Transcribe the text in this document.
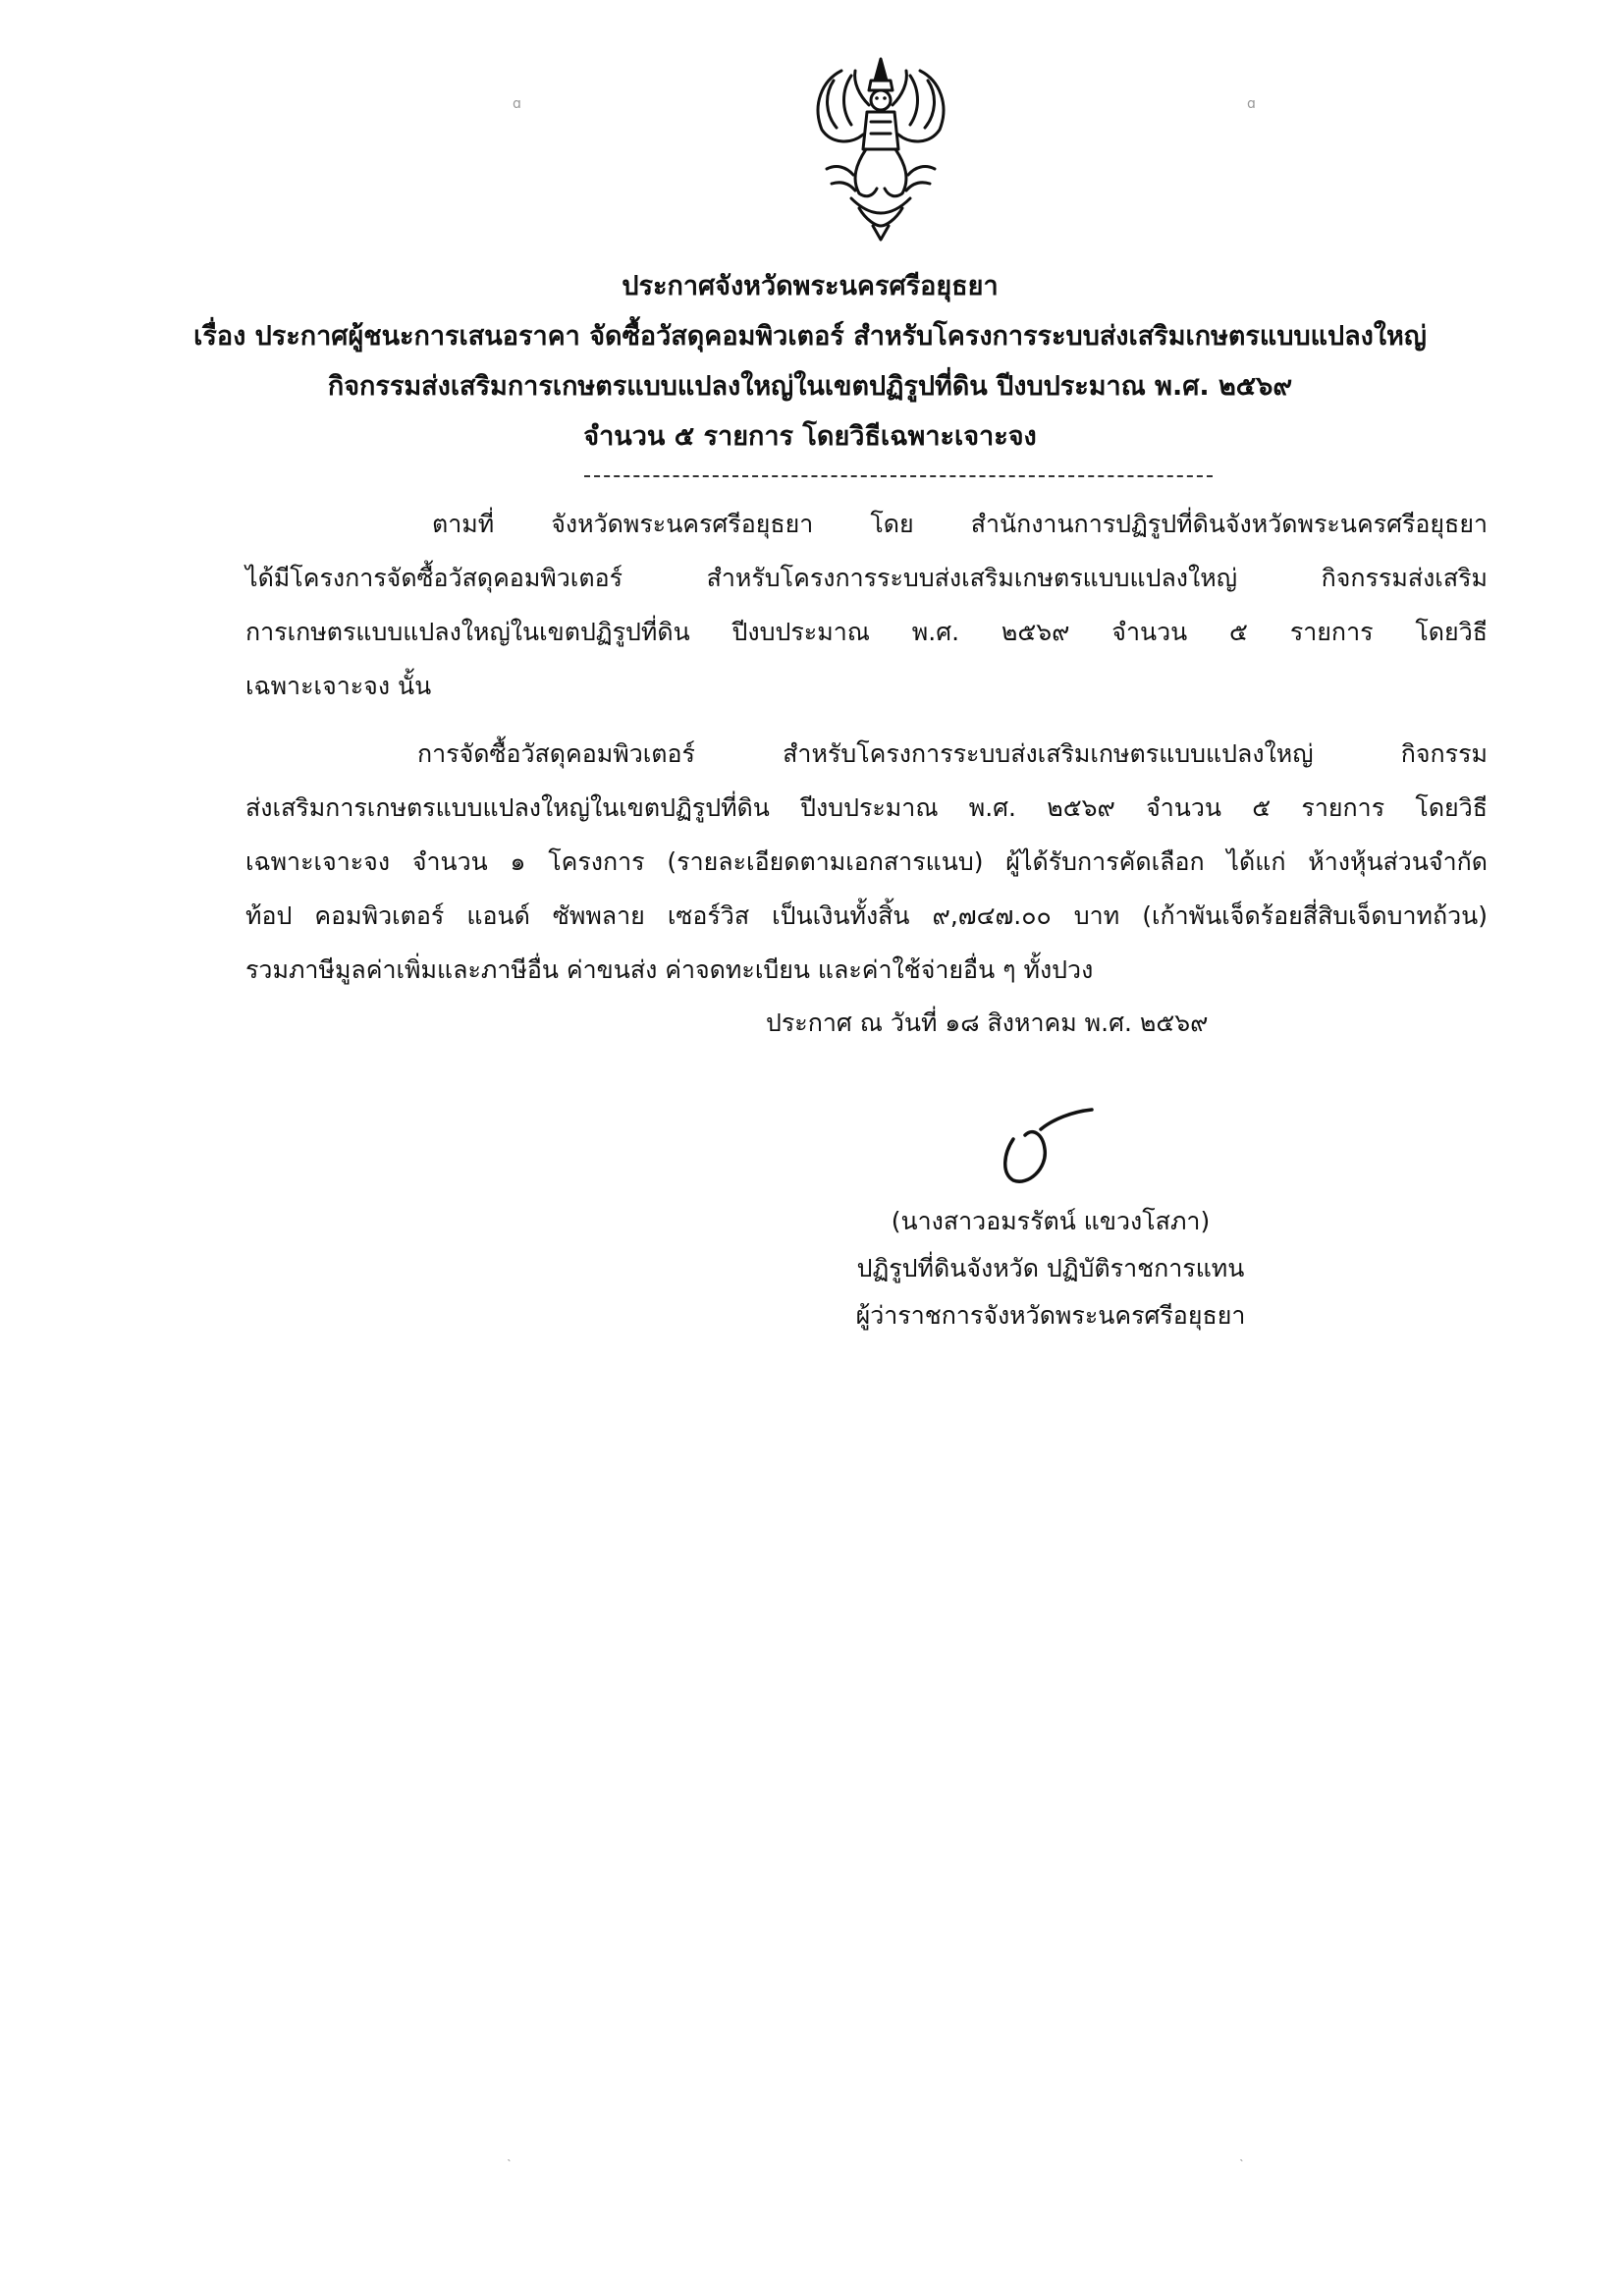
ɑ	ɑ
˴	˴
ประกาศจังหวัดพระนครศรีอยุธยา
เรื่อง ประกาศผู้ชนะการเสนอราคา จัดซื้อวัสดุคอมพิวเตอร์ สำหรับโครงการระบบส่งเสริมเกษตรแบบแปลงใหญ่
กิจกรรมส่งเสริมการเกษตรแบบแปลงใหญ่ในเขตปฏิรูปที่ดิน ปีงบประมาณ พ.ศ. ๒๕๖๙
จำนวน ๕ รายการ โดยวิธีเฉพาะเจาะจง
ตามที่ จังหวัดพระนครศรีอยุธยา โดย สำนักงานการปฏิรูปที่ดินจังหวัดพระนครศรีอยุธยา
ได้มีโครงการจัดซื้อวัสดุคอมพิวเตอร์ สำหรับโครงการระบบส่งเสริมเกษตรแบบแปลงใหญ่ กิจกรรมส่งเสริม
การเกษตรแบบแปลงใหญ่ในเขตปฏิรูปที่ดิน ปีงบประมาณ พ.ศ. ๒๕๖๙ จำนวน ๕ รายการ โดยวิธี
เฉพาะเจาะจง นั้น
การจัดซื้อวัสดุคอมพิวเตอร์ สำหรับโครงการระบบส่งเสริมเกษตรแบบแปลงใหญ่ กิจกรรม
ส่งเสริมการเกษตรแบบแปลงใหญ่ในเขตปฏิรูปที่ดิน ปีงบประมาณ พ.ศ. ๒๕๖๙ จำนวน ๕ รายการ โดยวิธี
เฉพาะเจาะจง จำนวน ๑ โครงการ (รายละเอียดตามเอกสารแนบ) ผู้ได้รับการคัดเลือก ได้แก่ ห้างหุ้นส่วนจำกัด
ท้อป คอมพิวเตอร์ แอนด์ ซัพพลาย เซอร์วิส เป็นเงินทั้งสิ้น ๙,๗๔๗.๐๐ บาท (เก้าพันเจ็ดร้อยสี่สิบเจ็ดบาทถ้วน)
รวมภาษีมูลค่าเพิ่มและภาษีอื่น ค่าขนส่ง ค่าจดทะเบียน และค่าใช้จ่ายอื่น ๆ ทั้งปวง
ประกาศ ณ วันที่ ๑๘ สิงหาคม พ.ศ. ๒๕๖๙
(นางสาวอมรรัตน์ แขวงโสภา)
ปฏิรูปที่ดินจังหวัด ปฏิบัติราชการแทน
ผู้ว่าราชการจังหวัดพระนครศรีอยุธยา
